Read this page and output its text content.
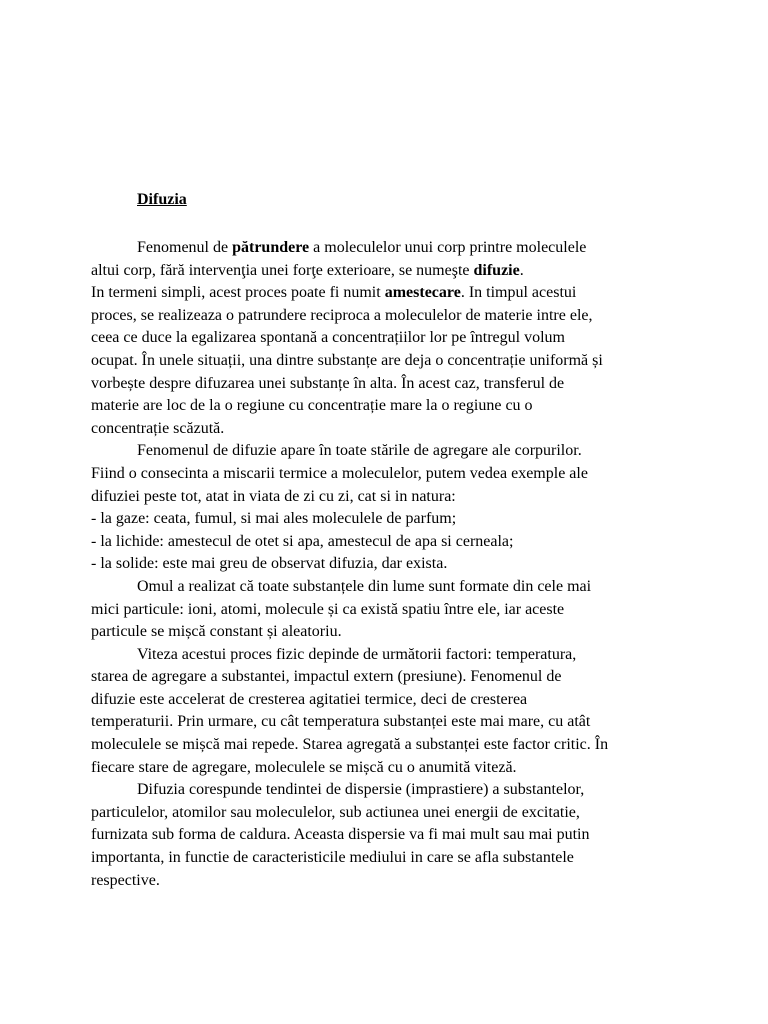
Difuzia
Fenomenul de pătrundere a moleculelor unui corp printre moleculele
altui corp, fără intervenţia unei forţe exterioare, se numeşte difuzie.
In termeni simpli, acest proces poate fi numit amestecare. In timpul acestui
proces, se realizeaza o patrundere reciproca a moleculelor de materie intre ele,
ceea ce duce la egalizarea spontană a concentrațiilor lor pe întregul volum
ocupat. În unele situații, una dintre substanțe are deja o concentrație uniformă și
vorbește despre difuzarea unei substanțe în alta. În acest caz, transferul de
materie are loc de la o regiune cu concentrație mare la o regiune cu o
concentrație scăzută.
Fenomenul de difuzie apare în toate stările de agregare ale corpurilor.
Fiind o consecinta a miscarii termice a moleculelor, putem vedea exemple ale
difuziei peste tot, atat in viata de zi cu zi, cat si in natura:
- la gaze: ceata, fumul, si mai ales moleculele de parfum;
- la lichide: amestecul de otet si apa, amestecul de apa si cerneala;
- la solide: este mai greu de observat difuzia, dar exista.
Omul a realizat că toate substanțele din lume sunt formate din cele mai
mici particule: ioni, atomi, molecule și ca există spatiu între ele, iar aceste
particule se mișcă constant și aleatoriu.
Viteza acestui proces fizic depinde de următorii factori: temperatura,
starea de agregare a substantei, impactul extern (presiune). Fenomenul de
difuzie este accelerat de cresterea agitatiei termice, deci de cresterea
temperaturii. Prin urmare, cu cât temperatura substanței este mai mare, cu atât
moleculele se mișcă mai repede. Starea agregată a substanței este factor critic. În
fiecare stare de agregare, moleculele se mișcă cu o anumită viteză.
Difuzia corespunde tendintei de dispersie (imprastiere) a substantelor,
particulelor, atomilor sau moleculelor, sub actiunea unei energii de excitatie,
furnizata sub forma de caldura. Aceasta dispersie va fi mai mult sau mai putin
importanta, in functie de caracteristicile mediului in care se afla substantele
respective.
